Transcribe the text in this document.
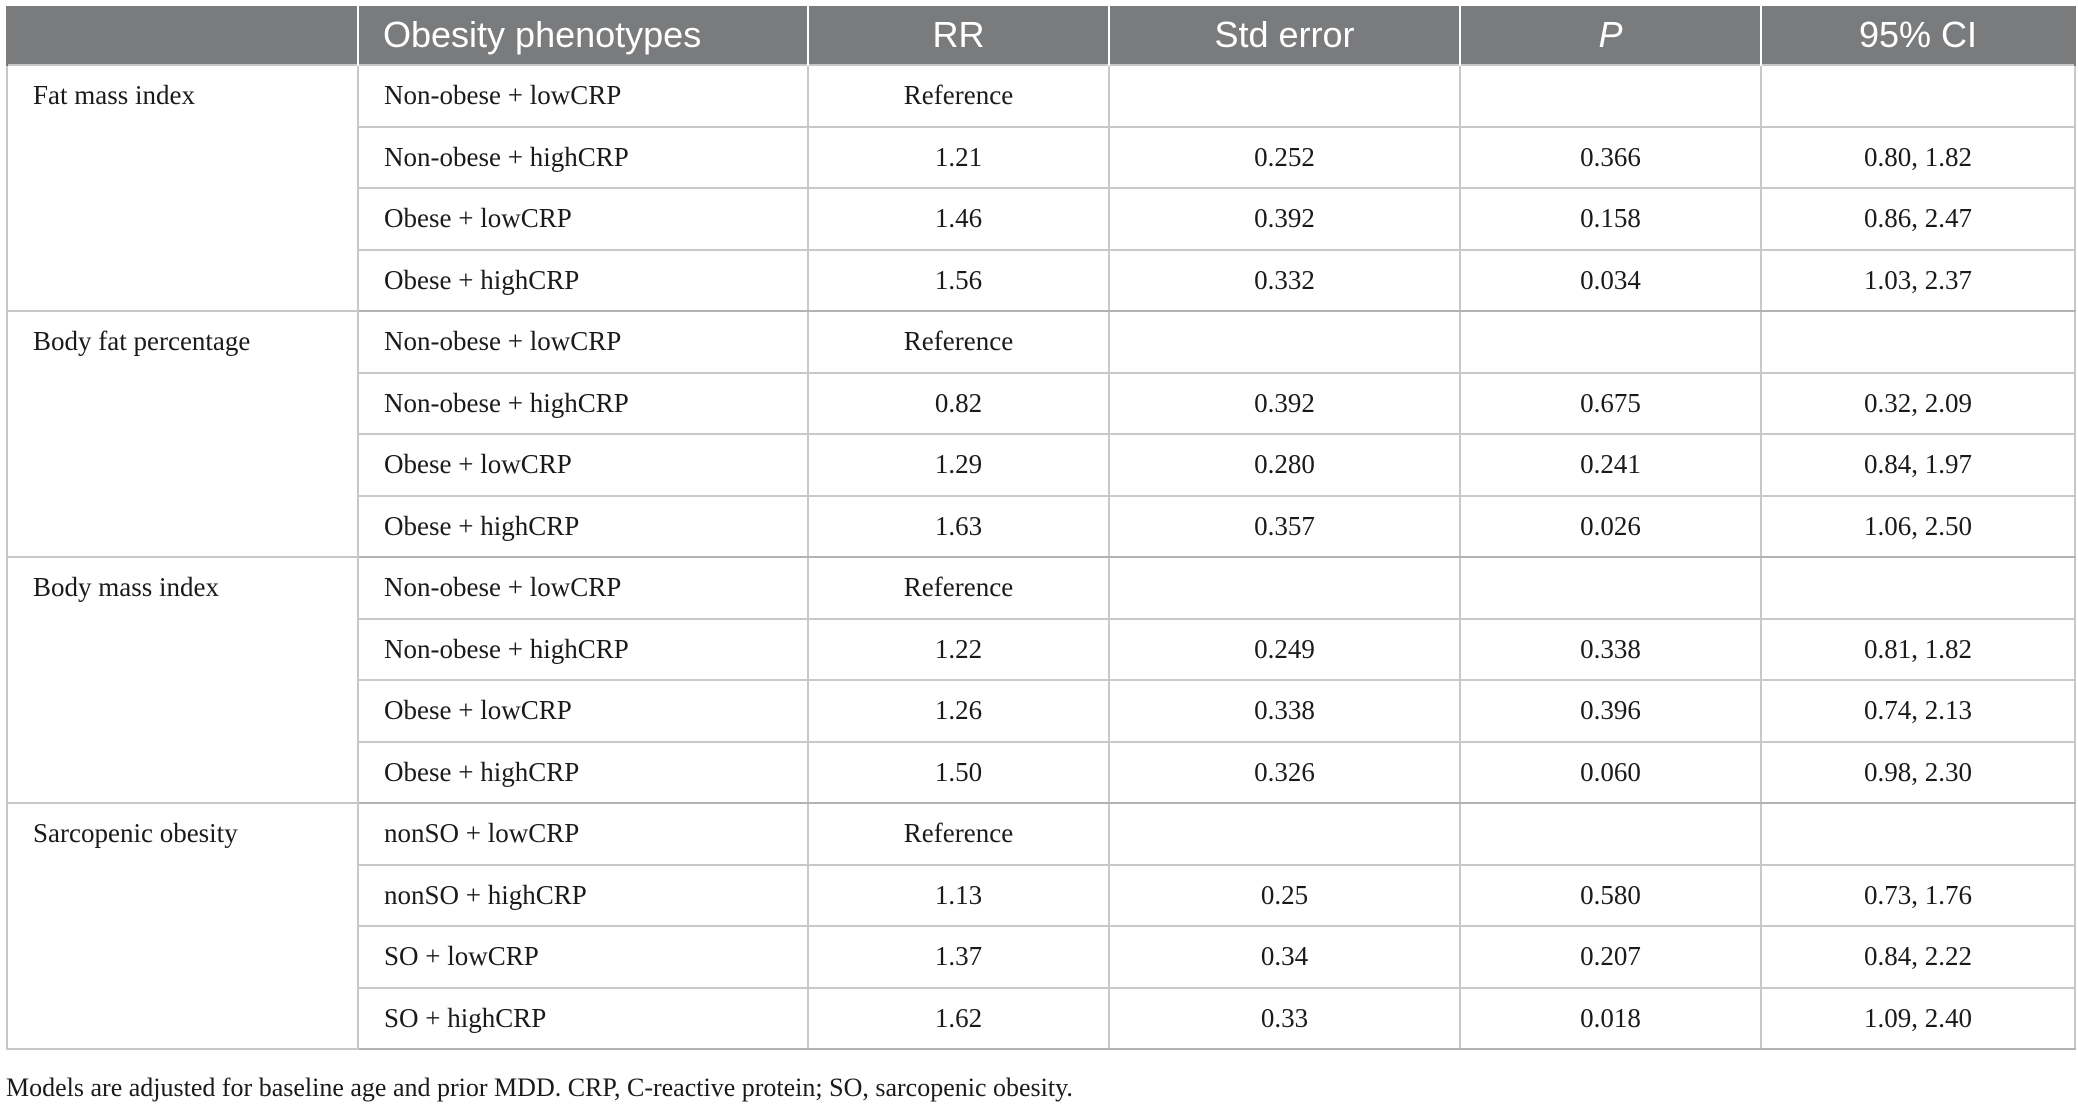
	Obesity phenotypes	RR	Std error	P	95% CI
Fat mass index	Non-obese + lowCRP	Reference			
	Non-obese + highCRP	1.21	0.252	0.366	0.80, 1.82
	Obese + lowCRP	1.46	0.392	0.158	0.86, 2.47
	Obese + highCRP	1.56	0.332	0.034	1.03, 2.37
Body fat percentage	Non-obese + lowCRP	Reference			
	Non-obese + highCRP	0.82	0.392	0.675	0.32, 2.09
	Obese + lowCRP	1.29	0.280	0.241	0.84, 1.97
	Obese + highCRP	1.63	0.357	0.026	1.06, 2.50
Body mass index	Non-obese + lowCRP	Reference			
	Non-obese + highCRP	1.22	0.249	0.338	0.81, 1.82
	Obese + lowCRP	1.26	0.338	0.396	0.74, 2.13
	Obese + highCRP	1.50	0.326	0.060	0.98, 2.30
Sarcopenic obesity	nonSO + lowCRP	Reference			
	nonSO + highCRP	1.13	0.25	0.580	0.73, 1.76
	SO + lowCRP	1.37	0.34	0.207	0.84, 2.22
	SO + highCRP	1.62	0.33	0.018	1.09, 2.40
Models are adjusted for baseline age and prior MDD. CRP, C-reactive protein; SO, sarcopenic obesity.
